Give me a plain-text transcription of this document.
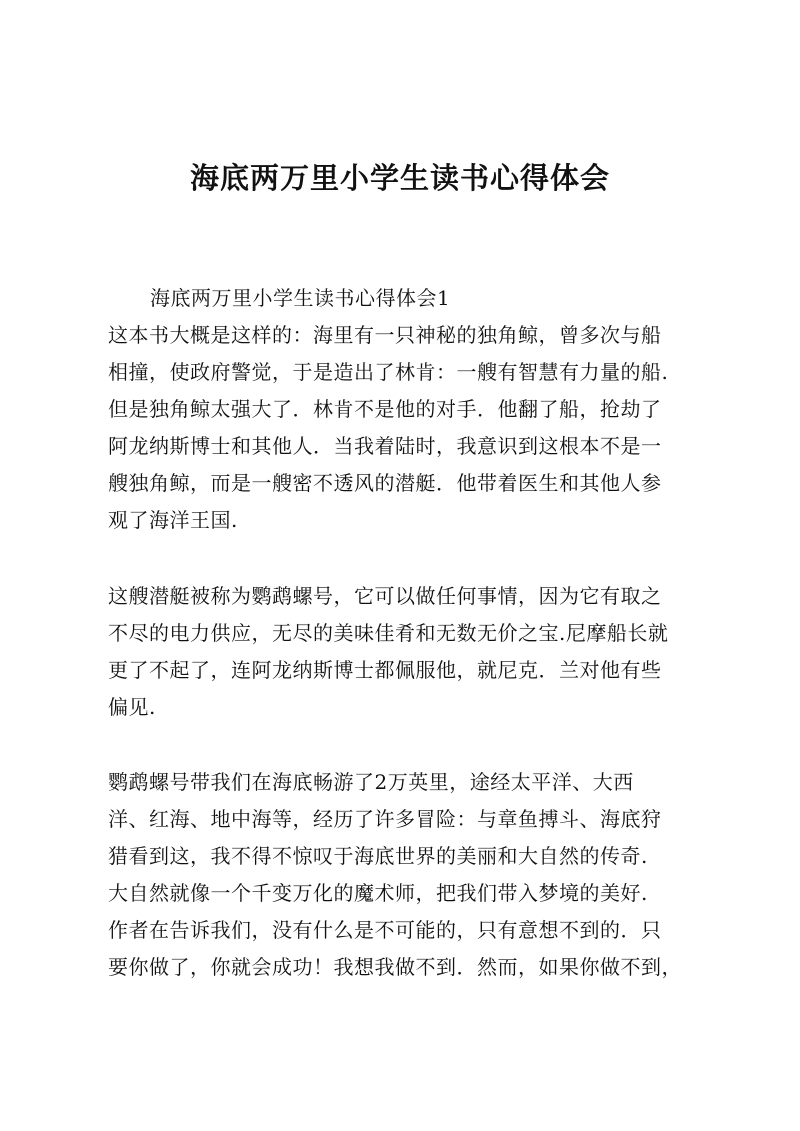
海底两万里小学生读书心得体会
海底两万里小学生读书心得体会1
这本书大概是这样的：海里有一只神秘的独角鲸，曾多次与船
相撞，使政府警觉，于是造出了林肯：一艘有智慧有力量的船.
但是独角鲸太强大了．林肯不是他的对手．他翻了船，抢劫了
阿龙纳斯博士和其他人．当我着陆时，我意识到这根本不是一
艘独角鲸，而是一艘密不透风的潜艇．他带着医生和其他人参
观了海洋王国.
这艘潜艇被称为鹦鹉螺号，它可以做任何事情，因为它有取之
不尽的电力供应，无尽的美味佳肴和无数无价之宝.尼摩船长就
更了不起了，连阿龙纳斯博士都佩服他，就尼克．兰对他有些
偏见.
鹦鹉螺号带我们在海底畅游了2万英里，途经太平洋、大西
洋、红海、地中海等，经历了许多冒险：与章鱼搏斗、海底狩
猎看到这，我不得不惊叹于海底世界的美丽和大自然的传奇.
大自然就像一个千变万化的魔术师，把我们带入梦境的美好.
作者在告诉我们，没有什么是不可能的，只有意想不到的．只
要你做了，你就会成功！我想我做不到．然而，如果你做不到，
